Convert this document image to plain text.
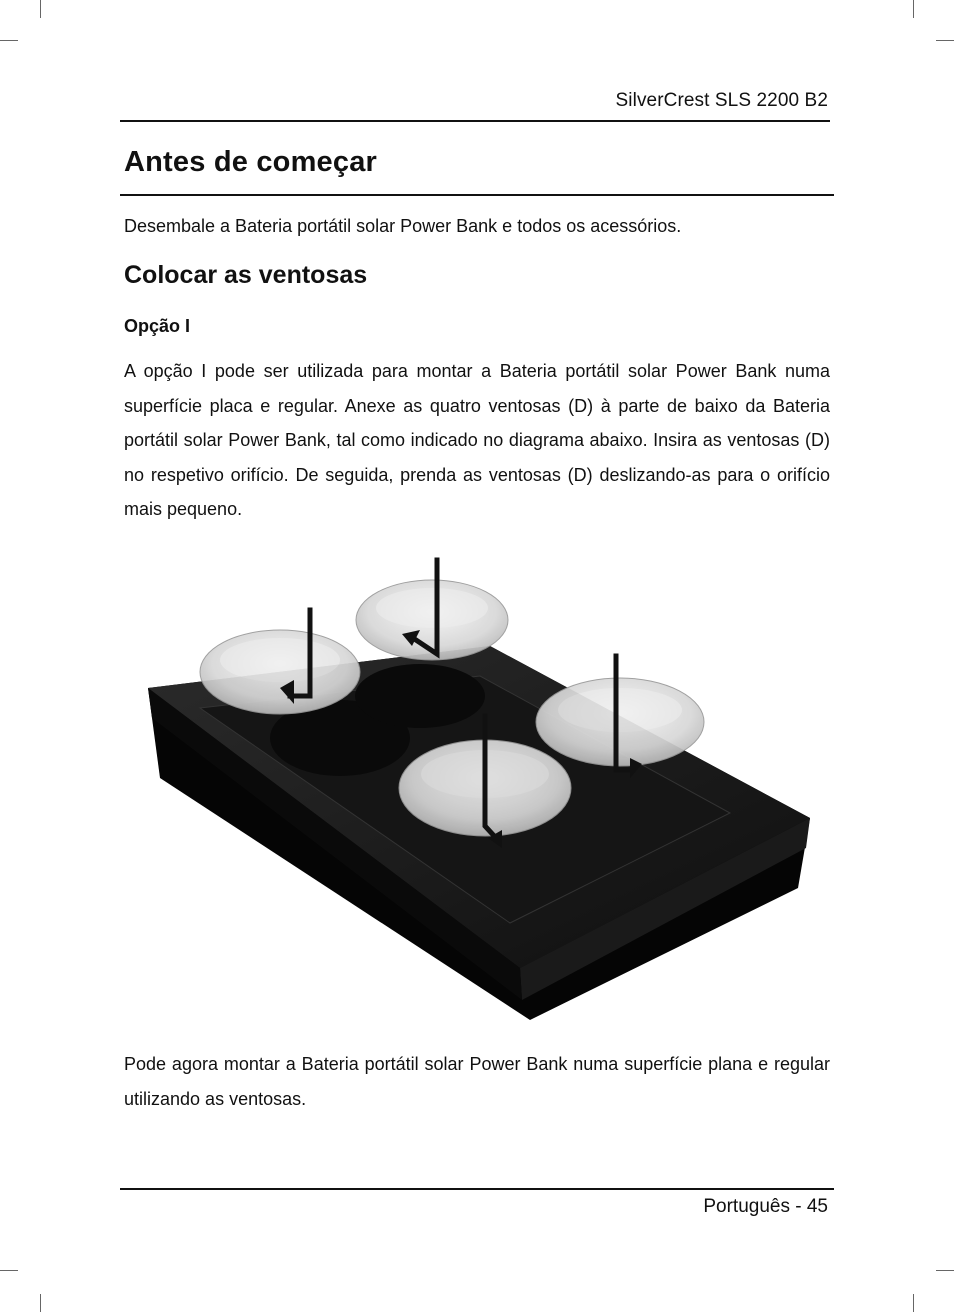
SilverCrest SLS 2200 B2
Antes de começar

Desembale a Bateria portátil solar Power Bank e todos os acessórios.

Colocar as ventosas
Opção I

A opção I pode ser utilizada para montar a Bateria portátil solar Power Bank numa superfície placa e regular. Anexe as quatro ventosas (D) à parte de baixo da Bateria portátil solar Power Bank, tal como indicado no diagrama abaixo. Insira as ventosas (D) no respetivo orifício. De seguida, prenda as ventosas (D) deslizando-as para o orifício mais pequeno.

Pode agora montar a Bateria portátil solar Power Bank numa superfície plana e regular utilizando as ventosas.

Português - 45
